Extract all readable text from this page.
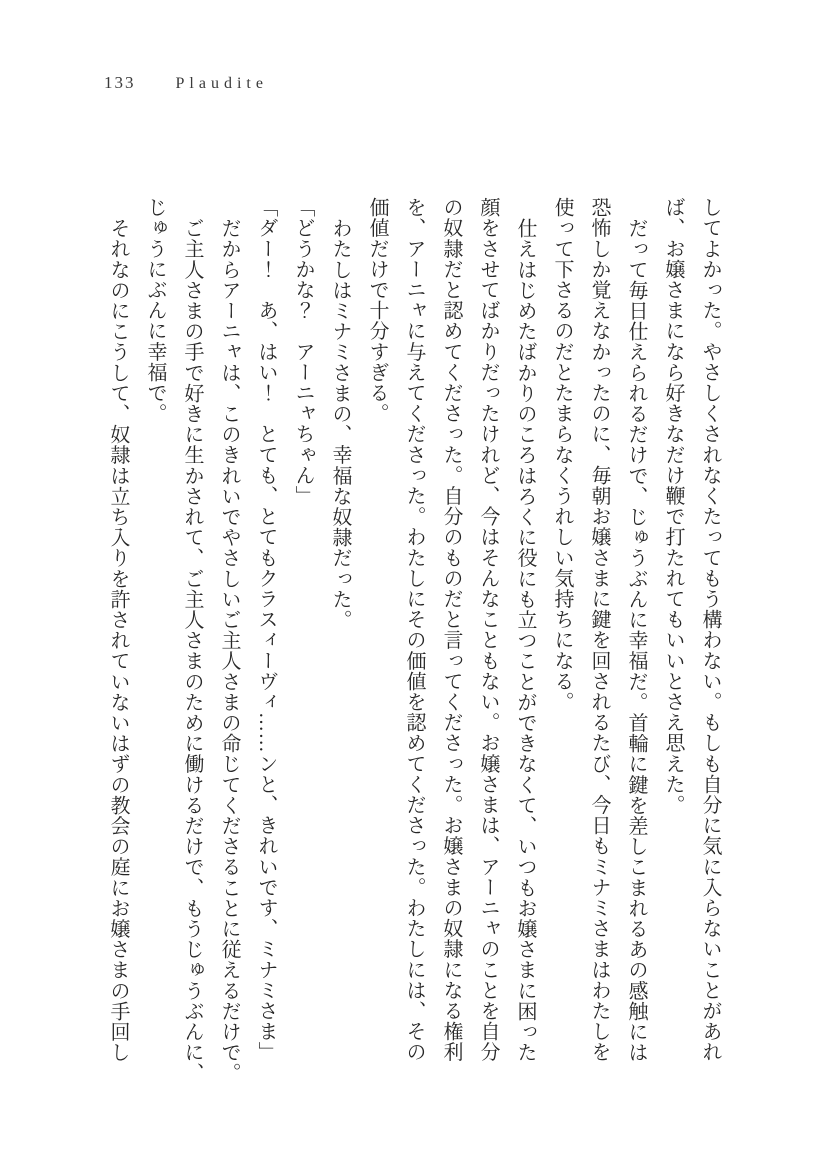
133	Plaudite
してよかった。やさしくされなくたってもう構わない。もしも自分に気に入らないことがあれ
ば、お嬢さまになら好きなだけ鞭で打たれてもいいとさえ思えた。
だって毎日仕えられるだけで、じゅうぶんに幸福だ。首輪に鍵を差しこまれるあの感触には
恐怖しか覚えなかったのに、毎朝お嬢さまに鍵を回されるたび、今日もミナミさまはわたしを
使って下さるのだとたまらなくうれしい気持ちになる。
仕えはじめたばかりのころはろくに役にも立つことができなくて、いつもお嬢さまに困った
顔をさせてばかりだったけれど、今はそんなこともない。お嬢さまは、アーニャのことを自分
の奴隷だと認めてくださった。自分のものだと言ってくださった。お嬢さまの奴隷になる権利
を、アーニャに与えてくださった。わたしにその価値を認めてくださった。わたしには、その
価値だけで十分すぎる。
わたしはミナミさまの、幸福な奴隷だった。
「どうかな？　アーニャちゃん」
「ダー！　あ、はい！　とても、とてもクラスィーヴィ……ンと、きれいです、ミナミさま」
だからアーニャは、このきれいでやさしいご主人さまの命じてくださることに従えるだけで。
ご主人さまの手で好きに生かされて、ご主人さまのために働けるだけで、もうじゅうぶんに、
じゅうにぶんに幸福で。
それなのにこうして、奴隷は立ち入りを許されていないはずの教会の庭にお嬢さまの手回し
